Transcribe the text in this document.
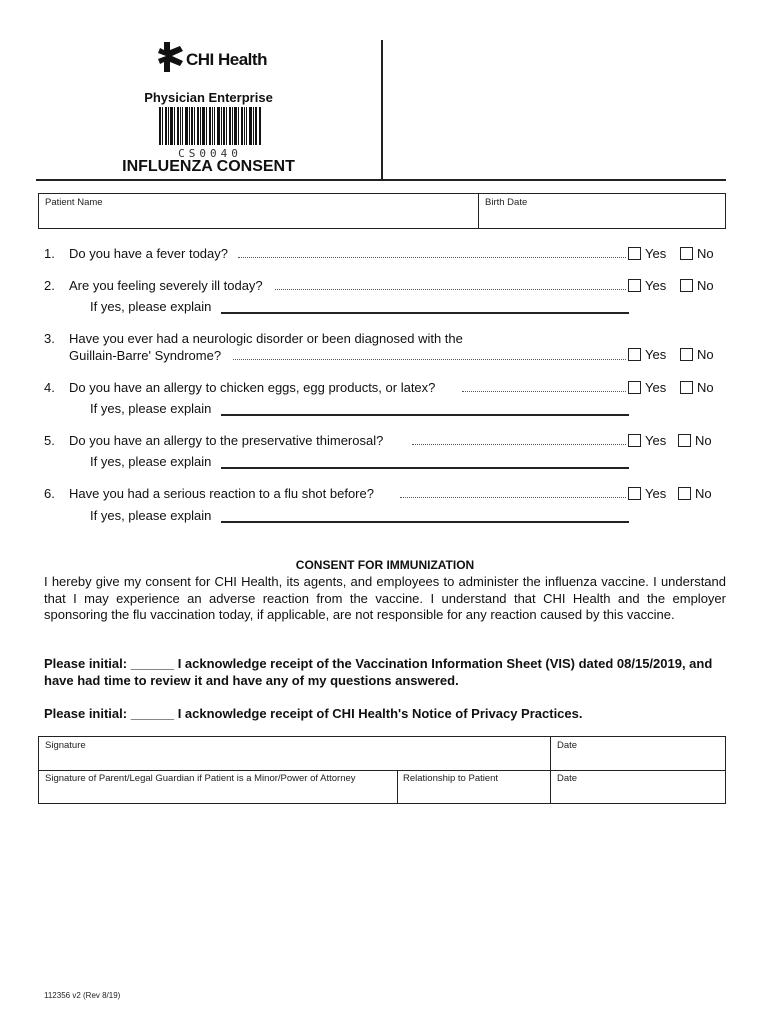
CHI Health
Physician Enterprise
CS0040
INFLUENZA CONSENT
Patient Name	Birth Date
1. Do you have a fever today?	Yes No
2. Are you feeling severely ill today?	Yes No
If yes, please explain
3. Have you ever had a neurologic disorder or been diagnosed with the
Guillain-Barre' Syndrome?	Yes No
4. Do you have an allergy to chicken eggs, egg products, or latex?	Yes No
If yes, please explain
5. Do you have an allergy to the preservative thimerosal?	Yes No
If yes, please explain
6. Have you had a serious reaction to a flu shot before?	Yes No
If yes, please explain
CONSENT FOR IMMUNIZATION
I hereby give my consent for CHI Health, its agents, and employees to administer the influenza vaccine. I understand that I may experience an adverse reaction from the vaccine. I understand that CHI Health and the employer sponsoring the flu vaccination today, if applicable, are not responsible for any reaction caused by this vaccine.
Please initial: ______ I acknowledge receipt of the Vaccination Information Sheet (VIS) dated 08/15/2019, and have had time to review it and have any of my questions answered.
Please initial: ______ I acknowledge receipt of CHI Health's Notice of Privacy Practices.
Signature	Date
Signature of Parent/Legal Guardian if Patient is a Minor/Power of Attorney	Relationship to Patient	Date
112356 v2 (Rev 8/19)
